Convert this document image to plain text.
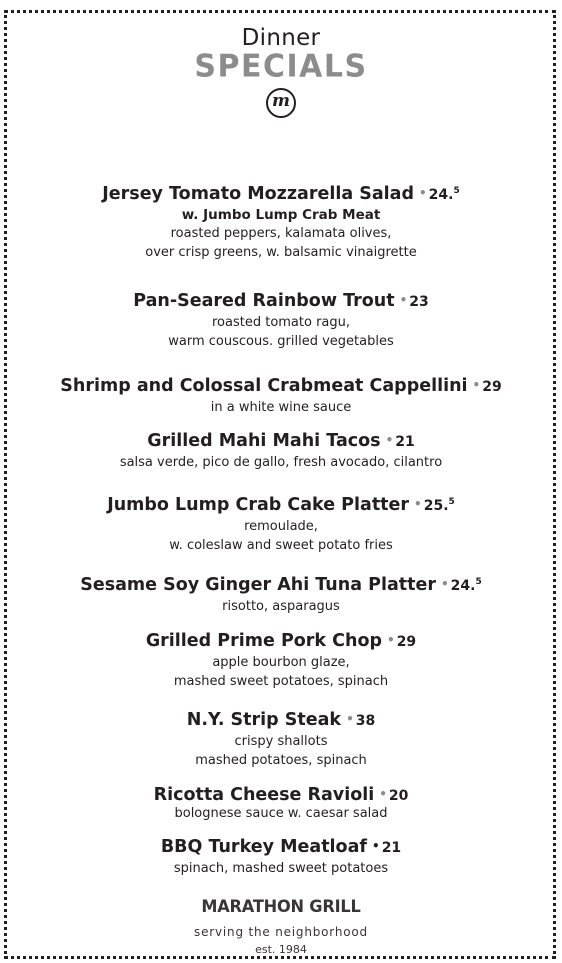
Dinner
SPECIALS
m
Jersey Tomato Mozzarella Salad • 24.$^5$
w. Jumbo Lump Crab Meat
roasted peppers, kalamata olives,
over crisp greens, w. balsamic vinaigrette
Pan-Seared Rainbow Trout • 23
roasted tomato ragu,
warm couscous. grilled vegetables
Shrimp and Colossal Crabmeat Cappellini • 29
in a white wine sauce
Grilled Mahi Mahi Tacos • 21
salsa verde, pico de gallo, fresh avocado, cilantro
Jumbo Lump Crab Cake Platter • 25.$^5$
remoulade,
w. coleslaw and sweet potato fries
Sesame Soy Ginger Ahi Tuna Platter • 24.$^5$
risotto, asparagus
Grilled Prime Pork Chop • 29
apple bourbon glaze,
mashed sweet potatoes, spinach
N.Y. Strip Steak • 38
crispy shallots
mashed potatoes, spinach
Ricotta Cheese Ravioli • 20
bolognese sauce w. caesar salad
BBQ Turkey Meatloaf • 21
spinach, mashed sweet potatoes
MARATHON GRILL
serving the neighborhood
est. 1984
